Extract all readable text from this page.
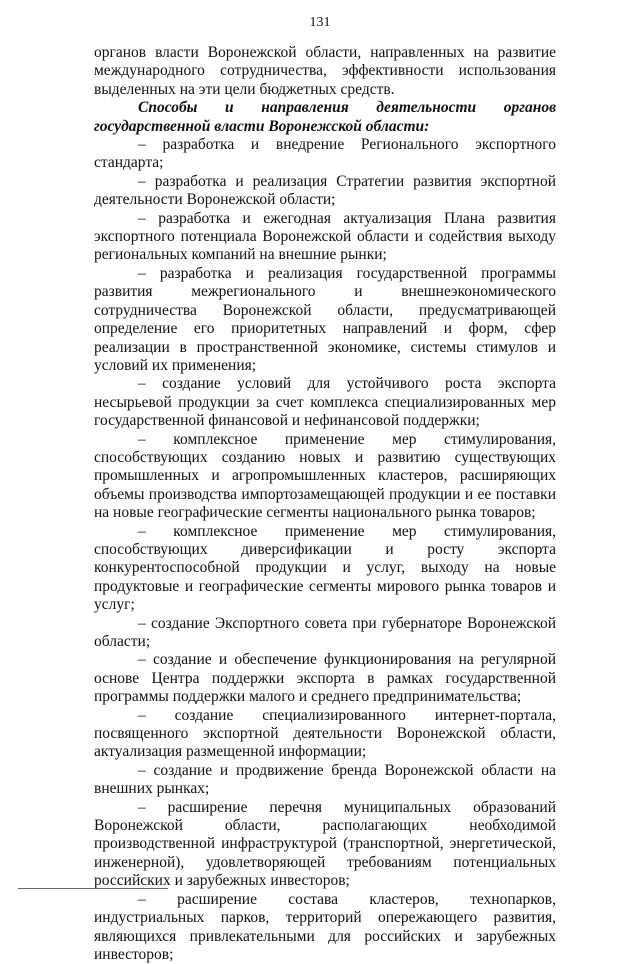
131

органов власти Воронежской области, направленных на развитие международного сотрудничества, эффективности использования выделенных на эти цели бюджетных средств.

Способы и направления деятельности органов государственной власти Воронежской области:

– разработка и внедрение Регионального экспортного стандарта;

– разработка и реализация Стратегии развития экспортной деятельности Воронежской области;

– разработка и ежегодная актуализация Плана развития экспортного потенциала Воронежской области и содействия выходу региональных компаний на внешние рынки;

– разработка и реализация государственной программы развития межрегионального и внешнеэкономического сотрудничества Воронежской области, предусматривающей определение его приоритетных направлений и форм, сфер реализации в пространственной экономике, системы стимулов и условий их применения;

– создание условий для устойчивого роста экспорта несырьевой продукции за счет комплекса специализированных мер государственной финансовой и нефинансовой поддержки;

– комплексное применение мер стимулирования, способствующих созданию новых и развитию существующих промышленных и агропромышленных кластеров, расширяющих объемы производства импортозамещающей продукции и ее поставки на новые географические сегменты национального рынка товаров;

– комплексное применение мер стимулирования, способствующих диверсификации и росту экспорта конкурентоспособной продукции и услуг, выходу на новые продуктовые и географические сегменты мирового рынка товаров и услуг;

– создание Экспортного совета при губернаторе Воронежской области;

– создание и обеспечение функционирования на регулярной основе Центра поддержки экспорта в рамках государственной программы поддержки малого и среднего предпринимательства;

– создание специализированного интернет-портала, посвященного экспортной деятельности Воронежской области, актуализация размещенной информации;

– создание и продвижение бренда Воронежской области на внешних рынках;

– расширение перечня муниципальных образований Воронежской области, располагающих необходимой производственной инфраструктурой (транспортной, энергетической, инженерной), удовлетворяющей требованиям потенциальных российских и зарубежных инвесторов;

– расширение состава кластеров, технопарков, индустриальных парков, территорий опережающего развития, являющихся привлекательными для российских и зарубежных инвесторов;
